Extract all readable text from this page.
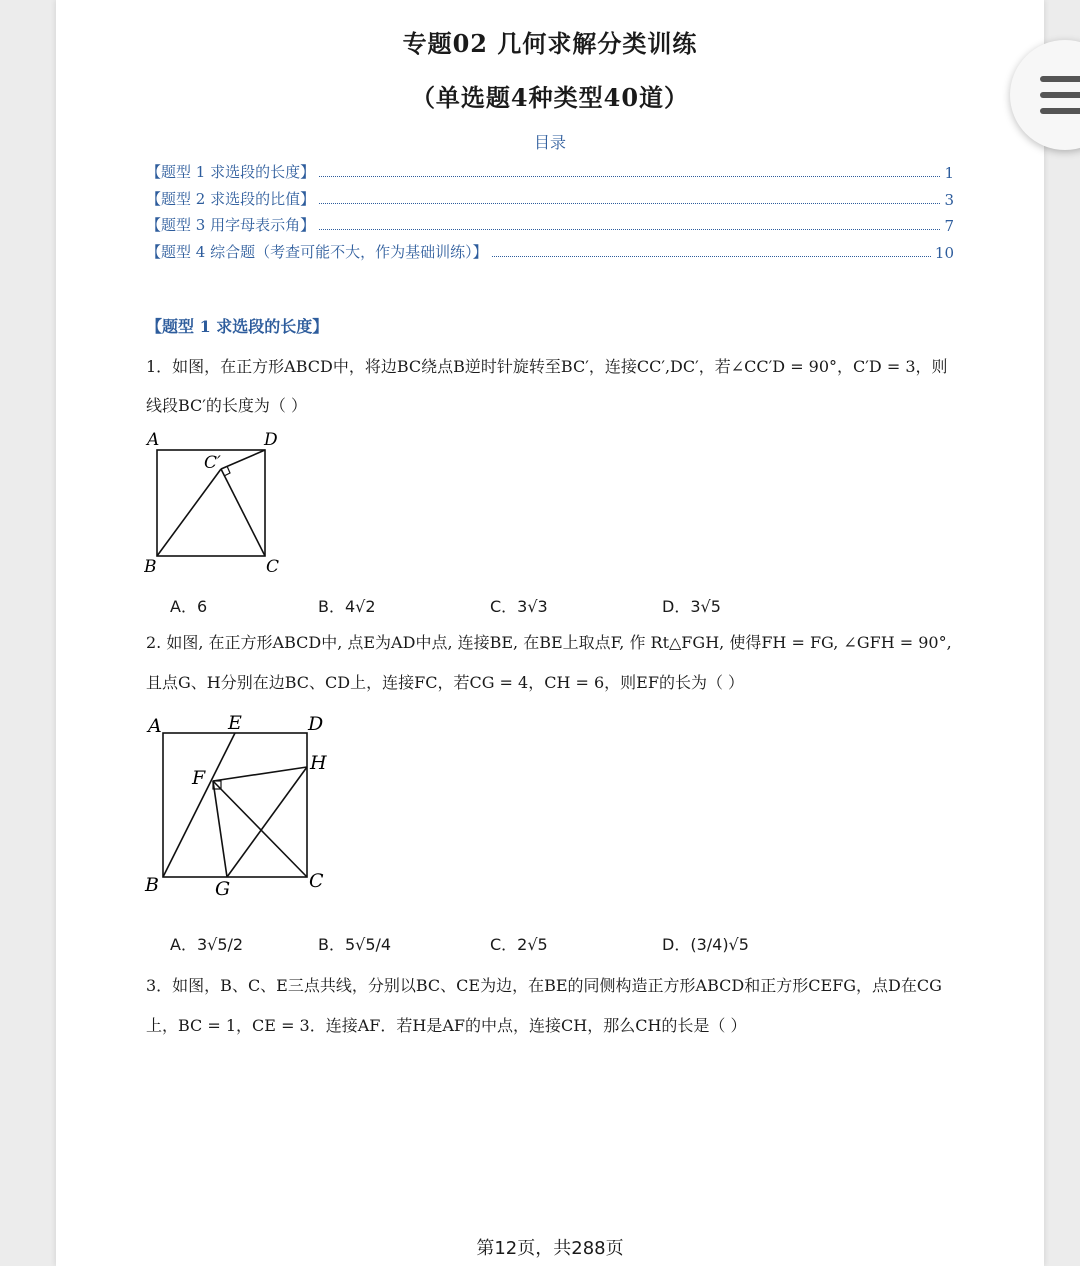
专题02 几何求解分类训练
（单选题4种类型40道）
目录
【题型 1 求选段的长度】	1
【题型 2 求选段的比值】	3
【题型 3 用字母表示角】	7
【题型 4 综合题（考查可能不大，作为基础训练）】	10
【题型 1 求选段的长度】
1．如图，在正方形ABCD中，将边BC绕点B逆时针旋转至BC′，连接CC′,DC′，若∠CC′D = 90°，C′D = 3，则
线段BC′的长度为（ ）
A	D
C′
B	C
A．6	B．4√2	C．3√3	D．3√5
2. 如图, 在正方形ABCD中, 点E为AD中点, 连接BE, 在BE上取点F, 作 Rt△FGH, 使得FH = FG, ∠GFH = 90°,
且点G、H分别在边BC、CD上，连接FC，若CG = 4，CH = 6，则EF的长为（ ）
A	E	D
F
H
B	G	C
A．3√5/2	B．5√5/4	C．2√5	D．(3/4)√5
3．如图，B、C、E三点共线，分别以BC、CE为边，在BE的同侧构造正方形ABCD和正方形CEFG，点D在CG
上，BC = 1，CE = 3．连接AF．若H是AF的中点，连接CH，那么CH的长是（ ）
第12页，共288页
